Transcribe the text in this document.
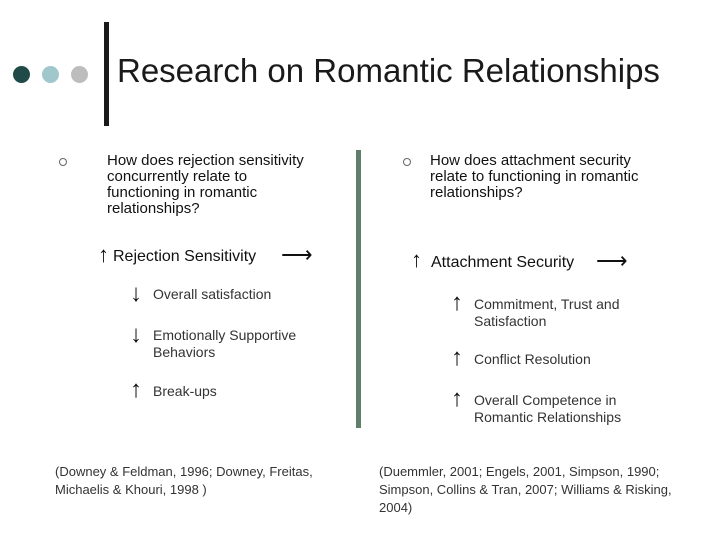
Research on Romantic Relationships
How does rejection sensitivity concurrently relate to functioning in romantic relationships?
↑ Rejection Sensitivity ⟶
↓ Overall satisfaction
↓ Emotionally Supportive Behaviors
↑ Break-ups
(Downey & Feldman, 1996; Downey, Freitas, Michaelis & Khouri, 1998 )
How does attachment security relate to functioning in romantic relationships?
↑ Attachment Security ⟶
↑ Commitment, Trust and Satisfaction
↑ Conflict Resolution
↑ Overall Competence in Romantic Relationships
(Duemmler, 2001; Engels, 2001, Simpson, 1990; Simpson, Collins & Tran, 2007; Williams & Risking, 2004)
